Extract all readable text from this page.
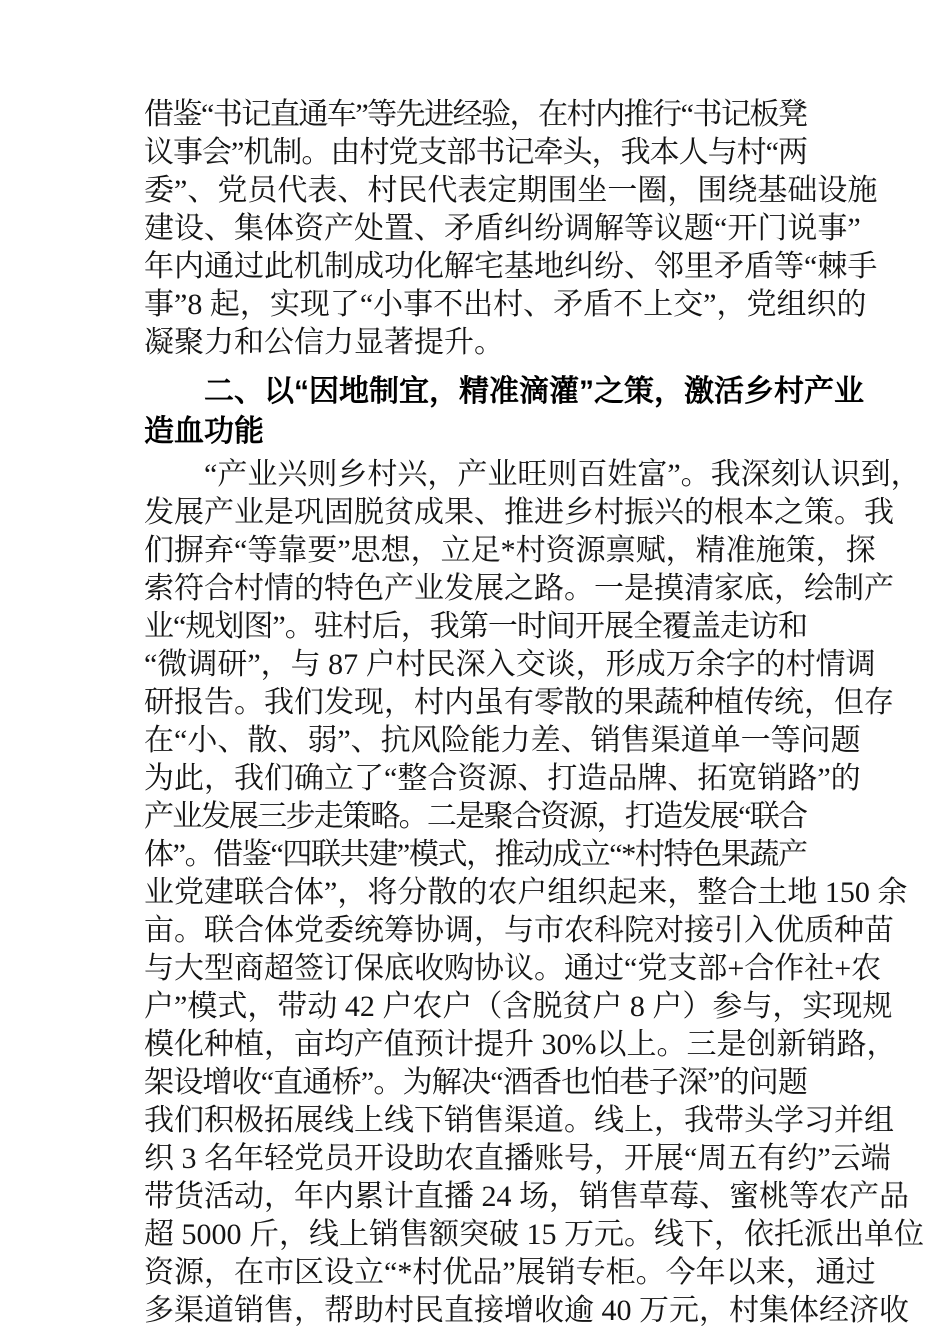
借鉴“书记直通车”等先进经验，在村内推行“书记板凳
议事会”机制。由村党支部书记牵头，我本人与村“两
委”、党员代表、村民代表定期围坐一圈，围绕基础设施
建设、集体资产处置、矛盾纠纷调解等议题“开门说事”
年内通过此机制成功化解宅基地纠纷、邻里矛盾等“棘手
事”8 起，实现了“小事不出村、矛盾不上交”，党组织的
凝聚力和公信力显著提升。
二、以“因地制宜，精准滴灌”之策，激活乡村产业
造血功能
“产业兴则乡村兴，产业旺则百姓富”。我深刻认识到，
发展产业是巩固脱贫成果、推进乡村振兴的根本之策。我
们摒弃“等靠要”思想，立足*村资源禀赋，精准施策，探
索符合村情的特色产业发展之路。一是摸清家底，绘制产
业“规划图”。驻村后，我第一时间开展全覆盖走访和
“微调研”，与 87 户村民深入交谈，形成万余字的村情调
研报告。我们发现，村内虽有零散的果蔬种植传统，但存
在“小、散、弱”、抗风险能力差、销售渠道单一等问题
为此，我们确立了“整合资源、打造品牌、拓宽销路”的
产业发展三步走策略。二是聚合资源，打造发展“联合
体”。借鉴“四联共建”模式，推动成立“*村特色果蔬产
业党建联合体”，将分散的农户组织起来，整合土地 150 余
亩。联合体党委统筹协调，与市农科院对接引入优质种苗
与大型商超签订保底收购协议。通过“党支部+合作社+农
户”模式，带动 42 户农户（含脱贫户 8 户）参与，实现规
模化种植，亩均产值预计提升 30%以上。三是创新销路，
架设增收“直通桥”。为解决“酒香也怕巷子深”的问题
我们积极拓展线上线下销售渠道。线上，我带头学习并组
织 3 名年轻党员开设助农直播账号，开展“周五有约”云端
带货活动，年内累计直播 24 场，销售草莓、蜜桃等农产品
超 5000 斤，线上销售额突破 15 万元。线下，依托派出单位
资源，在市区设立“*村优品”展销专柜。今年以来，通过
多渠道销售，帮助村民直接增收逾 40 万元，村集体经济收
